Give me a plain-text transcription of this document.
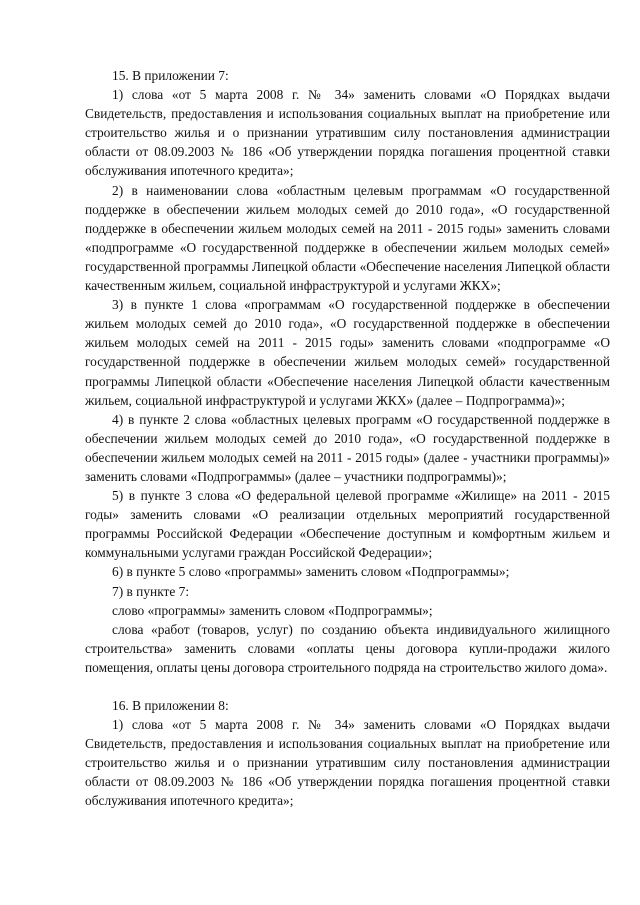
15. В приложении 7:

1) слова «от 5 марта 2008 г. № 34» заменить словами «О Порядках выдачи Свидетельств, предоставления и использования социальных выплат на приобретение или строительство жилья и о признании утратившим силу постановления администрации области от 08.09.2003 № 186 «Об утверждении порядка погашения процентной ставки обслуживания ипотечного кредита»;

2) в наименовании слова «областным целевым программам «О государственной поддержке в обеспечении жильем молодых семей до 2010 года», «О государственной поддержке в обеспечении жильем молодых семей на 2011 - 2015 годы» заменить словами «подпрограмме «О государственной поддержке в обеспечении жильем молодых семей» государственной программы Липецкой области «Обеспечение населения Липецкой области качественным жильем, социальной инфраструктурой и услугами ЖКХ»;

3) в пункте 1 слова «программам «О государственной поддержке в обеспечении жильем молодых семей до 2010 года», «О государственной поддержке в обеспечении жильем молодых семей на 2011 - 2015 годы» заменить словами «подпрограмме «О государственной поддержке в обеспечении жильем молодых семей» государственной программы Липецкой области «Обеспечение населения Липецкой области качественным жильем, социальной инфраструктурой и услугами ЖКХ» (далее – Подпрограмма)»;

4) в пункте 2 слова «областных целевых программ «О государственной поддержке в обеспечении жильем молодых семей до 2010 года», «О государственной поддержке в обеспечении жильем молодых семей на 2011 - 2015 годы» (далее - участники программы)» заменить словами «Подпрограммы» (далее – участники подпрограммы)»;

5) в пункте 3 слова «О федеральной целевой программе «Жилище» на 2011 - 2015 годы» заменить словами «О реализации отдельных мероприятий государственной программы Российской Федерации «Обеспечение доступным и комфортным жильем и коммунальными услугами граждан Российской Федерации»;

6) в пункте 5 слово «программы» заменить словом «Подпрограммы»;

7) в пункте 7:

слово «программы» заменить словом «Подпрограммы»;

слова «работ (товаров, услуг) по созданию объекта индивидуального жилищного строительства» заменить словами «оплаты цены договора купли-продажи жилого помещения, оплаты цены договора строительного подряда на строительство жилого дома».

16. В приложении 8:

1) слова «от 5 марта 2008 г. № 34» заменить словами «О Порядках выдачи Свидетельств, предоставления и использования социальных выплат на приобретение или строительство жилья и о признании утратившим силу постановления администрации области от 08.09.2003 № 186 «Об утверждении порядка погашения процентной ставки обслуживания ипотечного кредита»;
